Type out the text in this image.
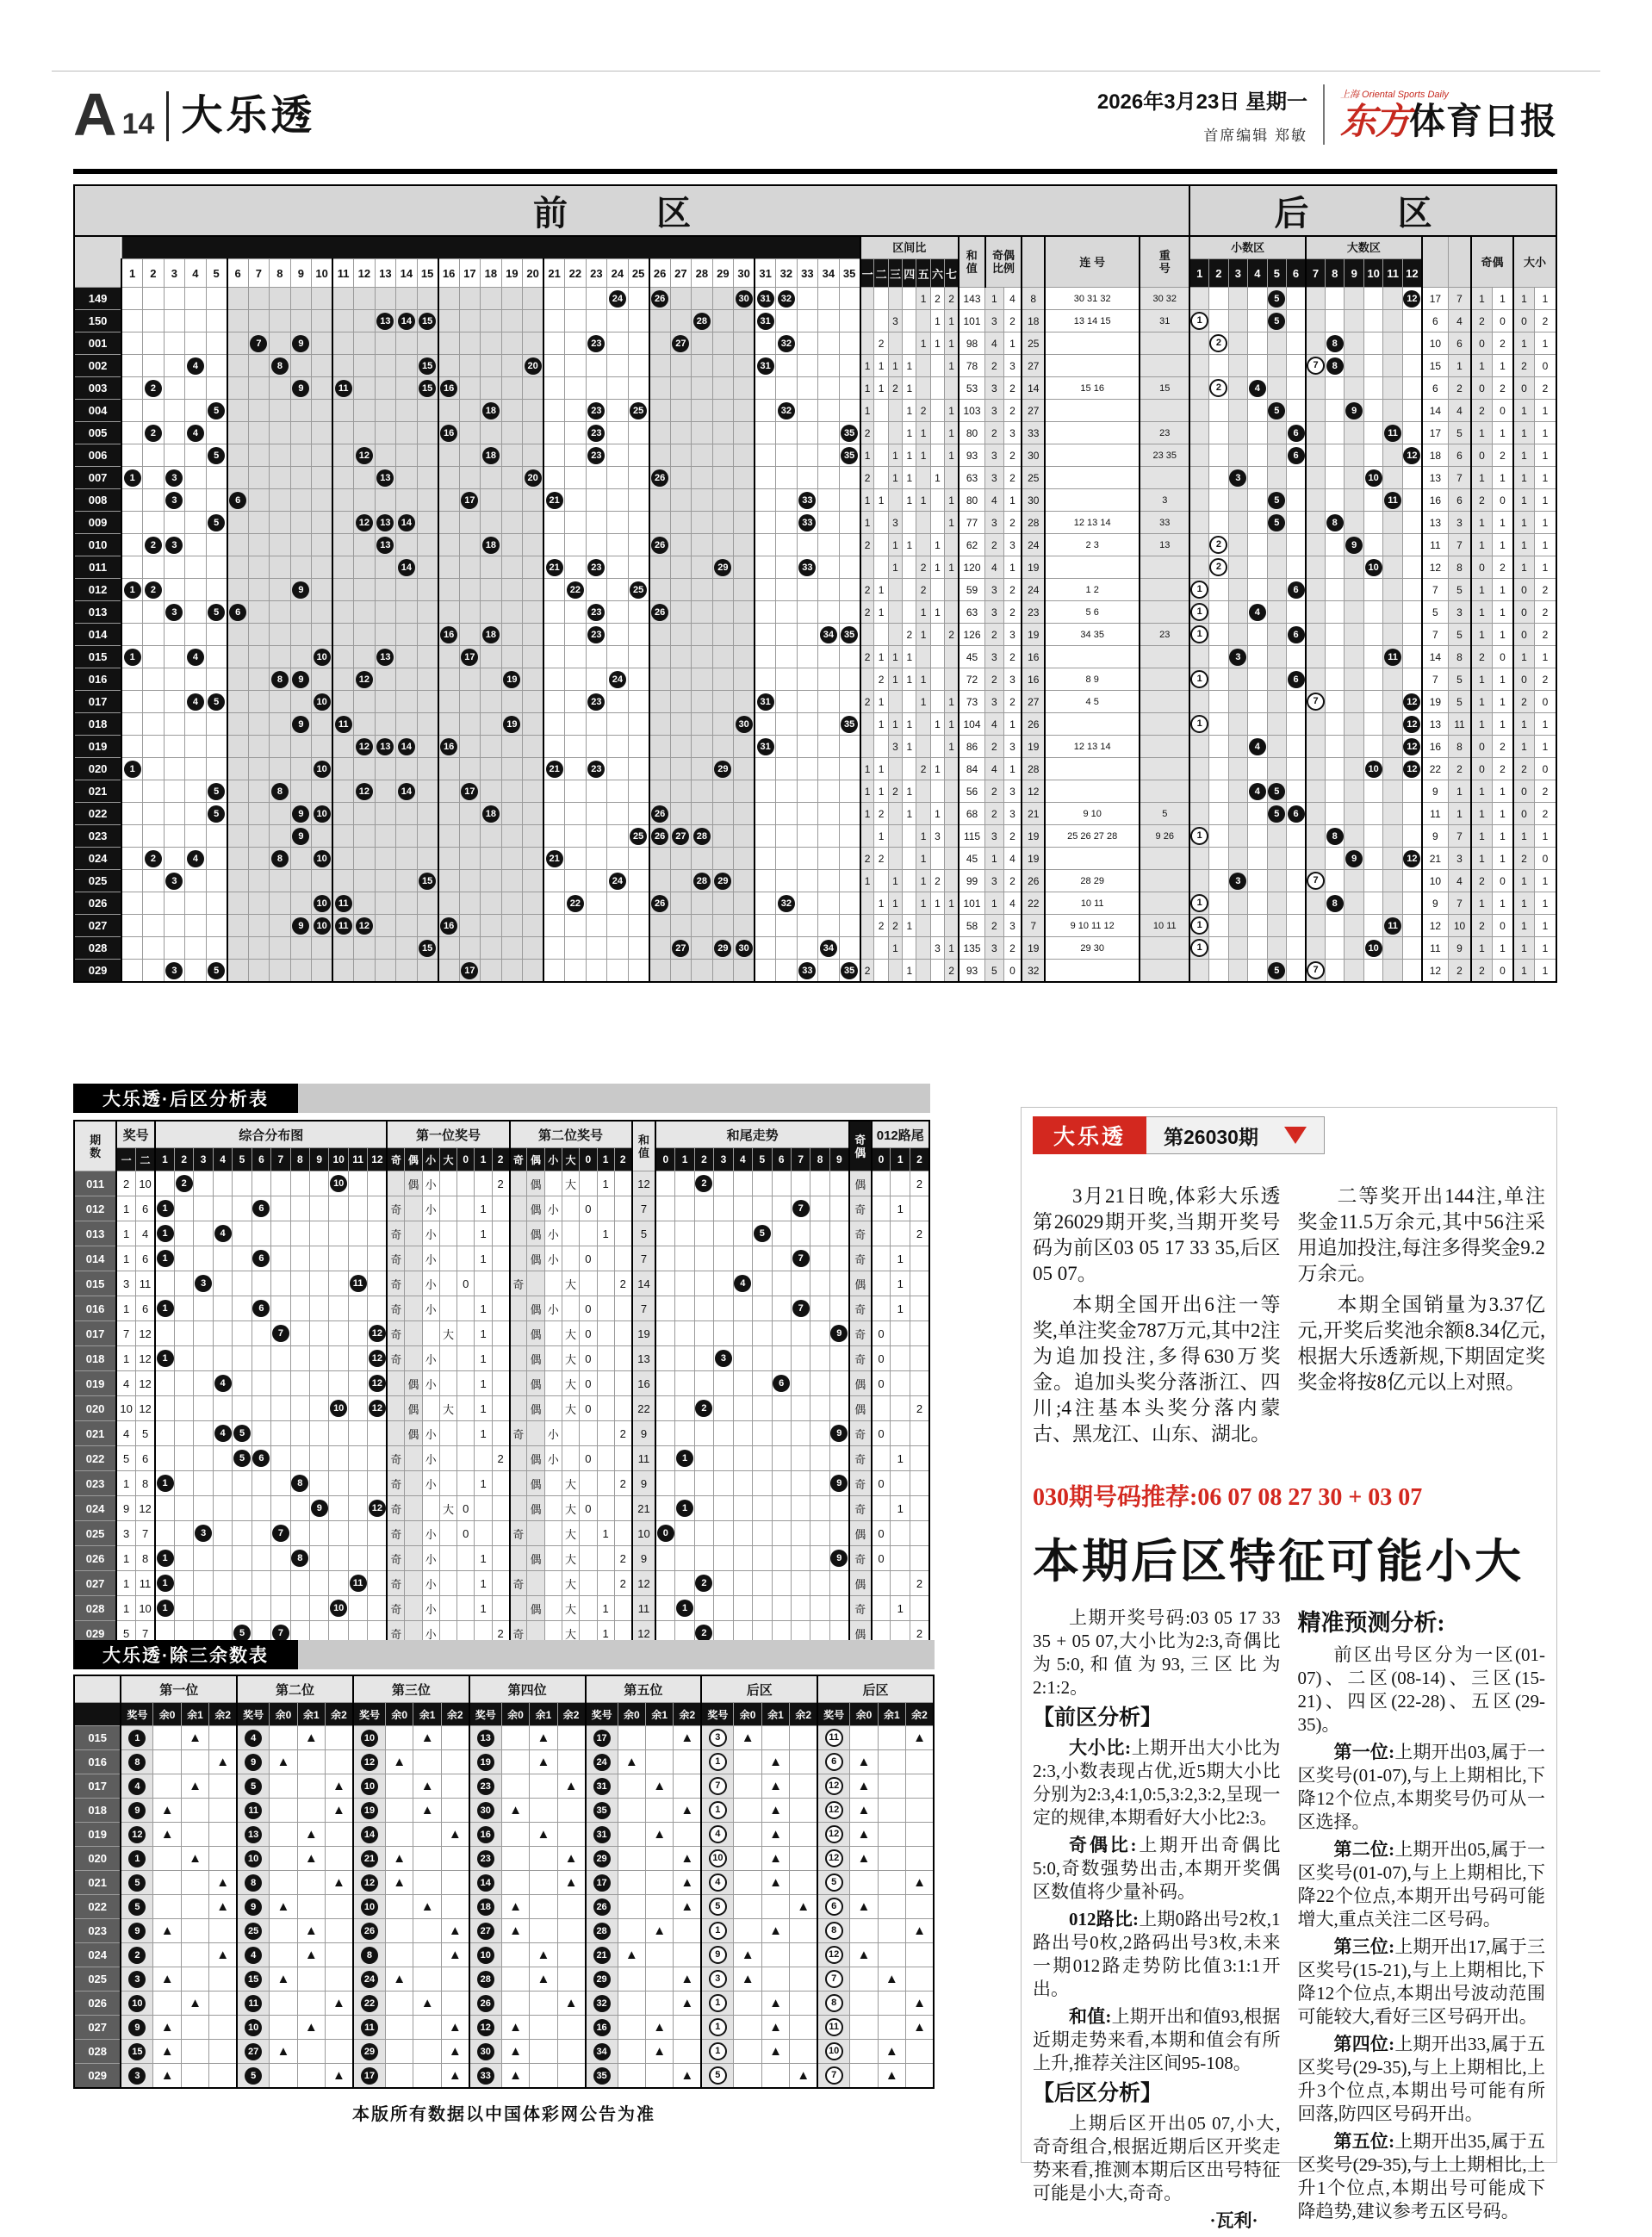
A 14 大乐透	2026年3月23日 星期一
首席编辑 郑敏
上海 Oriental Sports Daily
东方体育日报
前 区	后 区
		区间比	和
值	奇偶
比例		连 号	重
号	小数区	大数区			奇偶	大小
1	2	3	4	5	6	7	8	9	10	11	12	13	14	15	16	17	18	19	20	21	22	23	24	25	26	27	28	29	30	31	32	33	34	35	一	二	三	四	五	六	七	1	2	3	4	5	6	7	8	9	10	11	12
149																								24		26				30	31	32								1	2	2	143	1	4	8	30 31 32	30 32					5							12	17	7	1	1	1	1
150													13	14	15													28			31							3			1	1	101	3	2	18	13 14 15	31	1				5								6	4	2	0	0	2
001							7		9														23				27					32					2			1	1	1	98	4	1	25				2						8					10	6	0	2	1	1
002				4				8							15					20											31					1	1	1	1			1	78	2	3	27									7	8					15	1	1	1	2	0
003		2							9		11				15	16																				1	1	2	1				53	3	2	14	15 16	15		2		4									6	2	0	2	0	2
004					5													18					23		25							32				1			1	2		1	103	3	2	27							5				9				14	4	2	0	1	1
005		2		4												16							23												35	2			1	1		1	80	2	3	33		23						6					11		17	5	1	1	1	1
006					5							12						18					23												35	1		1	1	1		1	93	3	2	30		23 35						6						12	18	6	0	2	1	1
007	1		3										13							20						26										2		1	1		1		63	3	2	25					3							10			13	7	1	1	1	1
008			3			6											17				21												33			1	1		1	1		1	80	4	1	30		3					5						11		16	6	2	0	1	1
009					5							12	13	14																			33			1		3				1	77	3	2	28	12 13 14	33					5			8					13	3	1	1	1	1
010		2	3										13					18								26										2		1	1		1		62	2	3	24	2 3	13		2							9				11	7	1	1	1	1
011														14							21		23						29				33					1		2	1	1	120	4	1	19				2								10			12	8	0	2	1	1
012	1	2							9													22			25											2	1			2			59	3	2	24	1 2		1					6							7	5	1	1	0	2
013			3		5	6																	23			26										2	1			1	1		63	3	2	23	5 6		1			4									5	3	1	1	0	2
014																16		18					23											34	35				2	1		2	126	2	3	19	34 35	23	1					6							7	5	1	1	0	2
015	1			4						10			13				17																			2	1	1	1				45	3	2	16					3								11		14	8	2	0	1	1
016								8	9			12							19					24													2	1	1	1			72	2	3	16	8 9		1					6							7	5	1	1	0	2
017				4	5					10													23								31					2	1			1		1	73	3	2	27	4 5								7					12	19	5	1	1	2	0
018									9		11								19											30					35		1	1	1		1	1	104	4	1	26			1											12	13	11	1	1	1	1
019												12	13	14		16															31							3	1			1	86	2	3	19	12 13 14					4								12	16	8	0	2	1	1
020	1									10											21		23						29							1	1			2	1		84	4	1	28												10		12	22	2	0	2	2	0
021					5			8				12		14			17																			1	1	2	1				56	2	3	12						4	5								9	1	1	1	0	2
022					5				9	10								18								26										1	2		1		1		68	2	3	21	9 10	5					5	6							11	1	1	1	0	2
023									9																25	26	27	28									1			1	3		115	3	2	19	25 26 27 28	9 26	1							8					9	7	1	1	1	1
024		2		4				8		10											21															2	2			1			45	1	4	19											9			12	21	3	1	1	2	0
025			3												15									24				28	29							1		1		1	2		99	3	2	26	28 29				3				7						10	4	2	0	1	1
026										10	11											22				26						32					1	1		1	1	1	101	1	4	22	10 11		1							8					9	7	1	1	1	1
027									9	10	11	12				16																					2	2	1				58	2	3	7	9 10 11 12	10 11	1										11		12	10	2	0	1	1
028															15												27		29	30				34				1			3	1	135	3	2	19	29 30		1									10			11	9	1	1	1	1
029			3		5												17																33		35	2			1			2	93	5	0	32							5		7						12	2	2	0	1	1
大乐透·后区分析表
期
数	奖号		综合分布图												第一位奖号							第二位奖号							和
值	和尾走势										奇
偶	012路尾		
	一	二	1	2	3	4	5	6	7	8	9	10	11	12	奇	偶	小	大	0	1	2	奇	偶	小	大	0	1	2		0	1	2	3	4	5	6	7	8	9		0	1	2
011	2	10		2								10				偶	小				2		偶		大		1		12			2								偶			2
012	1	6	1					6							奇		小			1			偶	小		0			7								7			奇		1	
013	1	4	1			4									奇		小			1			偶	小			1		5						5					奇			2
014	1	6	1					6							奇		小			1			偶	小		0			7								7			奇		1	
015	3	11			3								11		奇		小		0			奇			大			2	14					4						偶		1	
016	1	6	1					6							奇		小			1			偶	小		0			7								7			奇		1	
017	7	12							7					12	奇			大		1			偶		大	0			19										9	奇	0		
018	1	12	1											12	奇		小			1			偶		大	0			13				3							奇	0		
019	4	12				4								12		偶	小			1			偶		大	0			16							6				偶	0		
020	10	12										10		12		偶		大		1			偶		大	0			22			2								偶			2
021	4	5				4	5									偶	小			1		奇		小				2	9										9	奇	0		
022	5	6					5	6							奇		小				2		偶	小		0			11		1									奇		1	
023	1	8	1							8					奇		小			1			偶		大			2	9										9	奇	0		
024	9	12									9			12	奇			大	0				偶		大	0			21		1									奇		1	
025	3	7			3				7						奇		小		0			奇			大		1		10	0										偶	0		
026	1	8	1							8					奇		小			1			偶		大			2	9										9	奇	0		
027	1	11	1										11		奇		小			1		奇			大			2	12			2								偶			2
028	1	10	1									10			奇		小			1			偶		大		1		11		1									奇		1	
029	5	7					5		7						奇		小				2	奇			大		1		12			2								偶			2
大乐透·除三余数表
	第一位				第二位				第三位				第四位				第五位				后区				后区			
	奖号	余0	余1	余2	奖号	余0	余1	余2	奖号	余0	余1	余2	奖号	余0	余1	余2	奖号	余0	余1	余2	奖号	余0	余1	余2	奖号	余0	余1	余2
015	1		▲		4		▲		10		▲		13		▲		17			▲	3	▲			11			▲
016	8			▲	9	▲			12	▲			19		▲		24	▲			1		▲		6	▲		
017	4		▲		5			▲	10		▲		23			▲	31		▲		7		▲		12	▲		
018	9	▲			11			▲	19		▲		30	▲			35			▲	1		▲		12	▲		
019	12	▲			13		▲		14			▲	16		▲		31		▲		4		▲		12	▲		
020	1		▲		10		▲		21	▲			23			▲	29			▲	10		▲		12	▲		
021	5			▲	8			▲	12	▲			14			▲	17			▲	4		▲		5			▲
022	5			▲	9	▲			10		▲		18	▲			26			▲	5			▲	6	▲		
023	9	▲			25		▲		26			▲	27	▲			28		▲		1		▲		8			▲
024	2			▲	4		▲		8			▲	10		▲		21	▲			9	▲			12	▲		
025	3	▲			15	▲			24	▲			28		▲		29			▲	3	▲			7		▲	
026	10		▲		11			▲	22		▲		26			▲	32			▲	1		▲		8			▲
027	9	▲			10		▲		11			▲	12	▲			16		▲		1		▲		11			▲
028	15	▲			27	▲			29			▲	30	▲			34		▲		1		▲		10		▲	
029	3	▲			5			▲	17			▲	33	▲			35			▲	5			▲	7		▲	
大乐透	第26030期

3月21日晚,体彩大乐透第26029期开奖,当期开奖号码为前区03 05 17 33 35,后区05 07。

本期全国开出6注一等奖,单注奖金787万元,其中2注为追加投注,多得630万奖金。追加头奖分落浙江、四川;4注基本头奖分落内蒙古、黑龙江、山东、湖北。

二等奖开出144注,单注奖金11.5万余元,其中56注采用追加投注,每注多得奖金9.2万余元。

本期全国销量为3.37亿元,开奖后奖池余额8.34亿元,根据大乐透新规,下期固定奖奖金将按8亿元以上对照。

030期号码推荐:06 07 08 27 30 + 03 07
本期后区特征可能小大

上期开奖号码:03 05 17 33 35 + 05 07,大小比为2:3,奇偶比为5:0,和值为93,三区比为2:1:2。

【前区分析】

大小比:上期开出大小比为2:3,小数表现占优,近5期大小比分别为2:3,4:1,0:5,3:2,3:2,呈现一定的规律,本期看好大小比2:3。

奇偶比:上期开出奇偶比5:0,奇数强势出击,本期开奖偶区数值将少量补码。

012路比:上期0路出号2枚,1路出号0枚,2路码出号3枚,未来一期012路走势防比值3:1:1开出。

和值:上期开出和值93,根据近期走势来看,本期和值会有所上升,推荐关注区间95-108。

【后区分析】

上期后区开出05 07,小大,奇奇组合,根据近期后区开奖走势来看,推测本期后区出号特征可能是小大,奇奇。

·瓦利·

精准预测分析:

前区出号区分为一区(01-07)、二区(08-14)、三区(15-21)、四区(22-28)、五区(29-35)。

第一位:上期开出03,属于一区奖号(01-07),与上上期相比,下降12个位点,本期奖号仍可从一区选择。

第二位:上期开出05,属于一区奖号(01-07),与上上期相比,下降22个位点,本期开出号码可能增大,重点关注二区号码。

第三位:上期开出17,属于三区奖号(15-21),与上上期相比,下降12个位点,本期出号波动范围可能较大,看好三区号码开出。

第四位:上期开出33,属于五区奖号(29-35),与上上期相比,上升3个位点,本期出号可能有所回落,防四区号码开出。

第五位:上期开出35,属于五区奖号(29-35),与上上期相比,上升1个位点,本期出号可能成下降趋势,建议参考五区号码。

本版所有数据以中国体彩网公告为准
